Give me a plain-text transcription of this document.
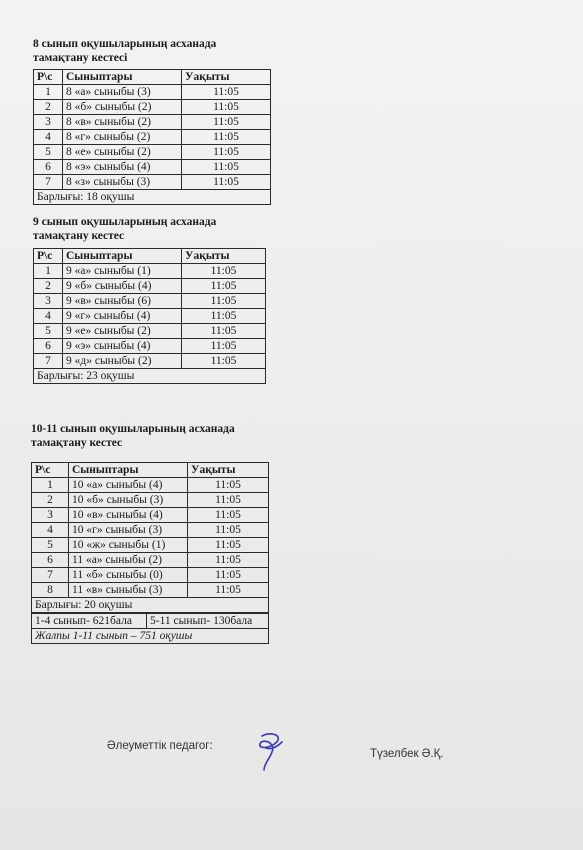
8 сынып оқушыларының асханада
тамақтану кестесі
Р\с	Сыныптары	Уақыты
1	8 «а» сыныбы (3)	11:05
2	8 «б» сыныбы (2)	11:05
3	8 «в» сыныбы (2)	11:05
4	8 «г» сыныбы (2)	11:05
5	8 «е» сыныбы (2)	11:05
6	8 «э» сыныбы (4)	11:05
7	8 «з» сыныбы (3)	11:05
Барлығы: 18 оқушы		
9 сынып оқушыларының асханада
тамақтану кестес
Р\с	Сыныптары	Уақыты
1	9 «а» сыныбы (1)	11:05
2	9 «б» сыныбы (4)	11:05
3	9 «в» сыныбы (6)	11:05
4	9 «г» сыныбы (4)	11:05
5	9 «е» сыныбы (2)	11:05
6	9 «э» сыныбы (4)	11:05
7	9 «д» сыныбы (2)	11:05
Барлығы: 23 оқушы		
10-11 сынып оқушыларының асханада
тамақтану кестес
Р\с	Сыныптары	Уақыты
1	10 «а» сыныбы (4)	11:05
2	10 «б» сыныбы (3)	11:05
3	10 «в» сыныбы (4)	11:05
4	10 «г» сыныбы (3)	11:05
5	10 «ж» сыныбы (1)	11:05
6	11 «а» сыныбы (2)	11:05
7	11 «б» сыныбы (0)	11:05
8	11 «в» сыныбы (3)	11:05
Барлығы: 20 оқушы		
1-4 сынып- 621бала	5-11 сынып- 130бала
Жалпы 1-11 сынып – 751 оқушы
Әлеуметтік педагог:
Түзелбек Ә.Қ.
